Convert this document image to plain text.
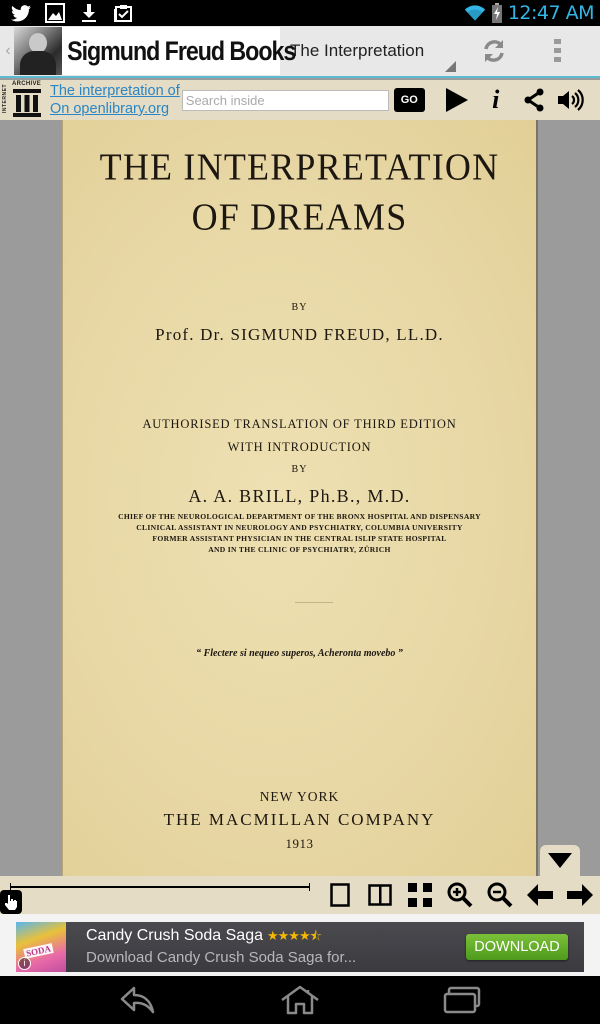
12:47 AM
‹ Sigmund Freud Books
The Interpretation
INTERNET ARCHIVE The interpretation of
On openlibrary.org
Search inside
GO	i
THE INTERPRETATION
OF DREAMS
BY
Prof. Dr. SIGMUND FREUD, LL.D.
AUTHORISED TRANSLATION OF THIRD EDITION
WITH INTRODUCTION
BY
A. A. BRILL, Ph.B., M.D.
CHIEF OF THE NEUROLOGICAL DEPARTMENT OF THE BRONX HOSPITAL AND DISPENSARY
CLINICAL ASSISTANT IN NEUROLOGY AND PSYCHIATRY, COLUMBIA UNIVERSITY
FORMER ASSISTANT PHYSICIAN IN THE CENTRAL ISLIP STATE HOSPITAL
AND IN THE CLINIC OF PSYCHIATRY, ZÜRICH
“ Flectere si nequeo superos, Acheronta movebo ”
NEW YORK
THE MACMILLAN COMPANY
1913
SODA
i
Candy Crush Soda Saga ★★★★⯪
Download Candy Crush Soda Saga for...
DOWNLOAD
